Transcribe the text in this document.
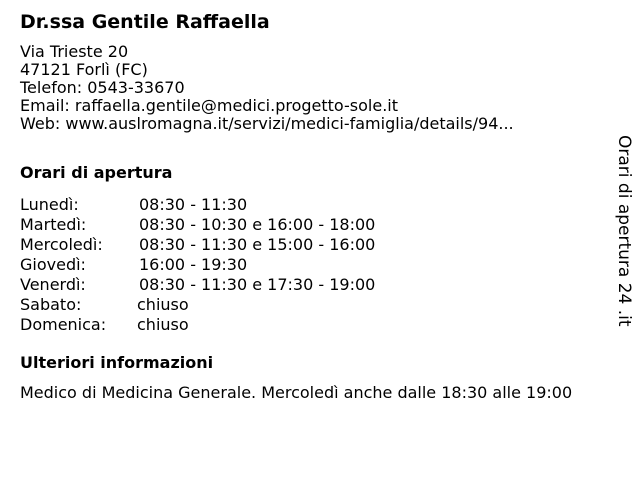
Dr.ssa Gentile Raffaella
Via Trieste 20
47121 Forlì (FC)
Telefon: 0543-33670
Email: raffaella.gentile@medici.progetto-sole.it
Web: www.auslromagna.it/servizi/medici-famiglia/details/94...
Orari di apertura
Lunedì:	08:30 - 11:30
Martedì:	08:30 - 10:30 e 16:00 - 18:00
Mercoledì: 08:30 - 11:30 e 15:00 - 16:00
Giovedì:	16:00 - 19:30
Venerdì:	08:30 - 11:30 e 17:30 - 19:00
Sabato:	chiuso
Domenica: chiuso
Ulteriori informazioni
Medico di Medicina Generale. Mercoledì anche dalle 18:30 alle 19:00
Orari di apertura 24 .it
